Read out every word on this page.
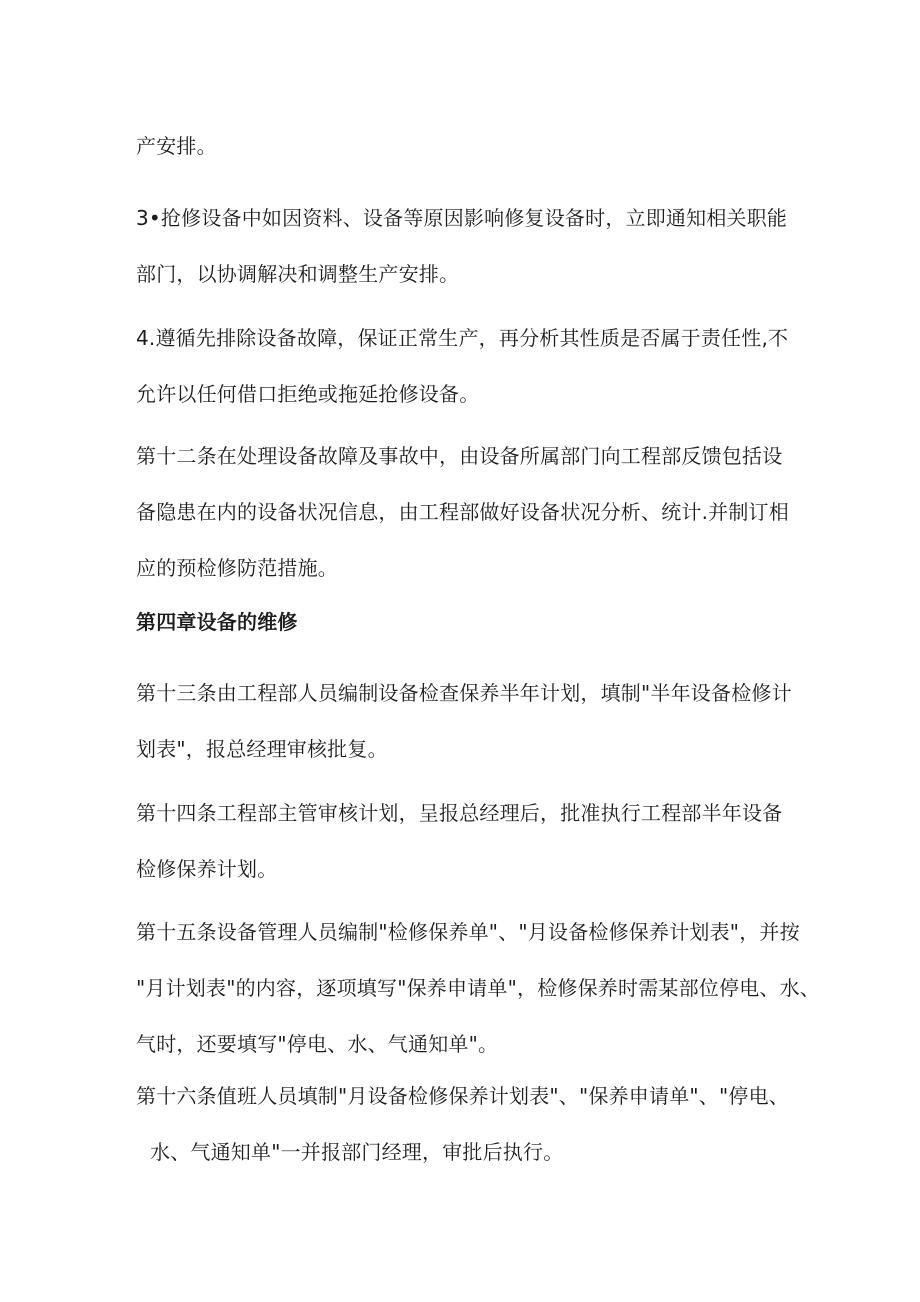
产安排。

3•抢修设备中如因资料、设备等原因影响修复设备时，立即通知相关职能
部门，以协调解决和调整生产安排。

4.遵循先排除设备故障，保证正常生产，再分析其性质是否属于责任性,不
允许以任何借口拒绝或拖延抢修设备。

第十二条在处理设备故障及事故中，由设备所属部门向工程部反馈包括设
备隐患在内的设备状况信息，由工程部做好设备状况分析、统计.并制订相
应的预检修防范措施。

第四章设备的维修

第十三条由工程部人员编制设备检查保养半年计划，填制"半年设备检修计
划表"，报总经理审核批复。

第十四条工程部主管审核计划，呈报总经理后，批准执行工程部半年设备
检修保养计划。

第十五条设备管理人员编制"检修保养单"、"月设备检修保养计划表"，并按
"月计划表"的内容，逐项填写"保养申请单"，检修保养时需某部位停电、水、
气时，还要填写"停电、水、气通知单"。

第十六条值班人员填制"月设备检修保养计划表"、"保养申请单"、"停电、
水、气通知单"一并报部门经理，审批后执行。
